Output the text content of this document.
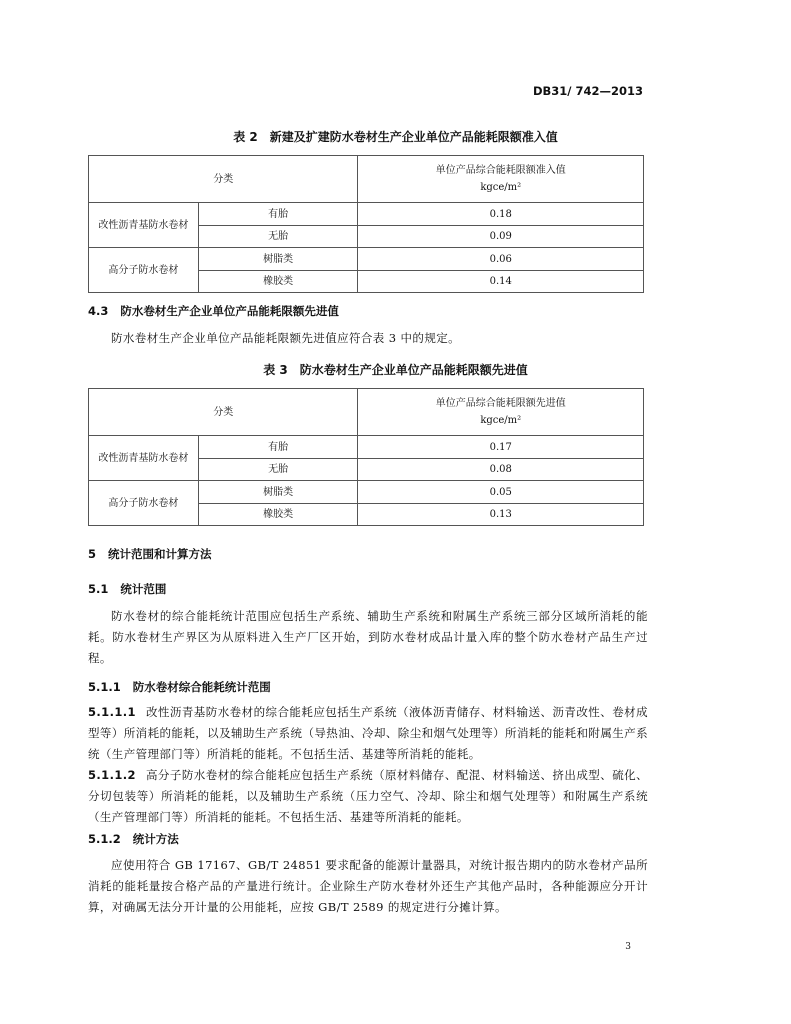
DB31/ 742—2013
表 2 新建及扩建防水卷材生产企业单位产品能耗限额准入值
分类		单位产品综合能耗限额准入值
kgce/m²

改性沥青基防水卷材	有胎	0.18
	无胎	0.09
高分子防水卷材	树脂类	0.06
	橡胶类	0.14
4.3 防水卷材生产企业单位产品能耗限额先进值
防水卷材生产企业单位产品能耗限额先进值应符合表 3 中的规定。
表 3 防水卷材生产企业单位产品能耗限额先进值
分类		单位产品综合能耗限额先进值
kgce/m²

改性沥青基防水卷材	有胎	0.17
	无胎	0.08
高分子防水卷材	树脂类	0.05
	橡胶类	0.13
5 统计范围和计算方法
5.1 统计范围
防水卷材的综合能耗统计范围应包括生产系统、辅助生产系统和附属生产系统三部分区域所消耗的能耗。防水卷材生产界区为从原料进入生产厂区开始，到防水卷材成品计量入库的整个防水卷材产品生产过程。
5.1.1 防水卷材综合能耗统计范围
5.1.1.1 改性沥青基防水卷材的综合能耗应包括生产系统（液体沥青储存、材料输送、沥青改性、卷材成型等）所消耗的能耗，以及辅助生产系统（导热油、冷却、除尘和烟气处理等）所消耗的能耗和附属生产系统（生产管理部门等）所消耗的能耗。不包括生活、基建等所消耗的能耗。
5.1.1.2 高分子防水卷材的综合能耗应包括生产系统（原材料储存、配混、材料输送、挤出成型、硫化、分切包装等）所消耗的能耗，以及辅助生产系统（压力空气、冷却、除尘和烟气处理等）和附属生产系统（生产管理部门等）所消耗的能耗。不包括生活、基建等所消耗的能耗。
5.1.2 统计方法
应使用符合 GB 17167、GB/T 24851 要求配备的能源计量器具，对统计报告期内的防水卷材产品所消耗的能耗量按合格产品的产量进行统计。企业除生产防水卷材外还生产其他产品时，各种能源应分开计算，对确属无法分开计量的公用能耗，应按 GB/T 2589 的规定进行分摊计算。
3
